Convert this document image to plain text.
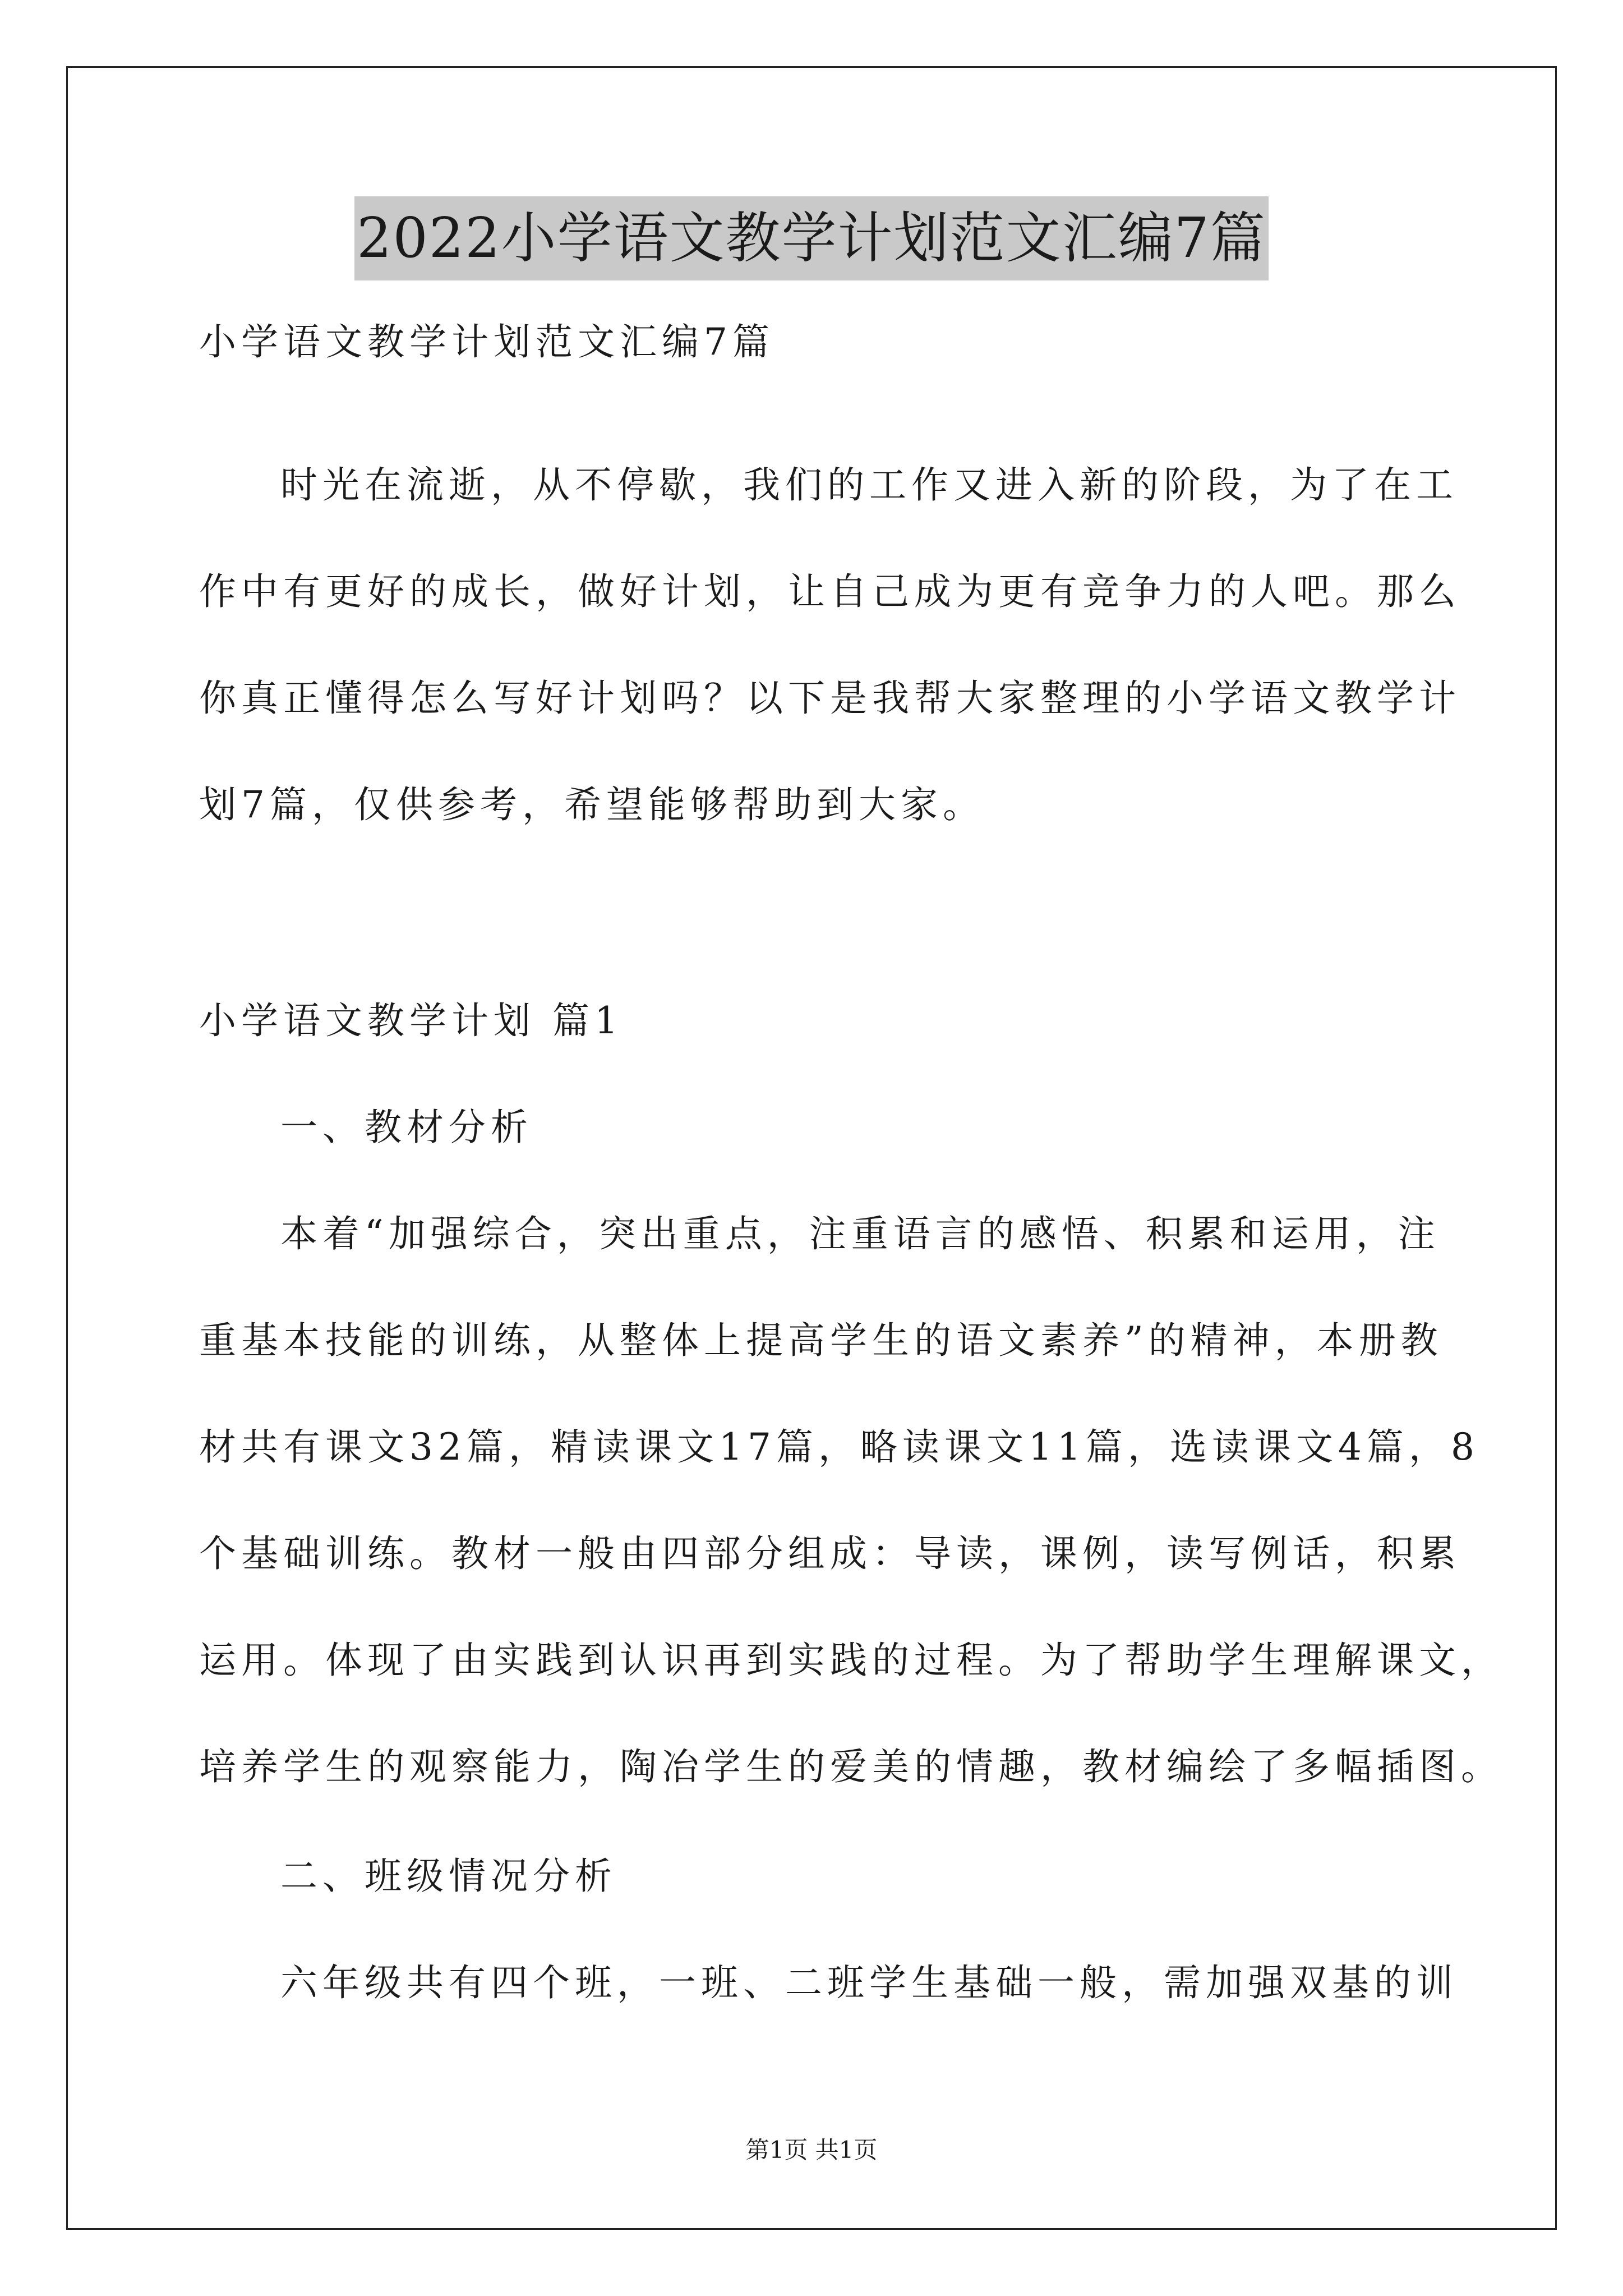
2022小学语文教学计划范文汇编7篇
小学语文教学计划范文汇编7篇
时光在流逝，从不停歇，我们的工作又进入新的阶段，为了在工
作中有更好的成长，做好计划，让自己成为更有竞争力的人吧。那么
你真正懂得怎么写好计划吗？以下是我帮大家整理的小学语文教学计
划7篇，仅供参考，希望能够帮助到大家。
小学语文教学计划 篇1
一、教材分析
本着“加强综合，突出重点，注重语言的感悟、积累和运用，注
重基本技能的训练，从整体上提高学生的语文素养”的精神，本册教
材共有课文32篇，精读课文17篇，略读课文11篇，选读课文4篇，8
个基础训练。教材一般由四部分组成：导读，课例，读写例话，积累
运用。体现了由实践到认识再到实践的过程。为了帮助学生理解课文，
培养学生的观察能力，陶冶学生的爱美的情趣，教材编绘了多幅插图。
二、班级情况分析
六年级共有四个班，一班、二班学生基础一般，需加强双基的训
第1页 共1页
